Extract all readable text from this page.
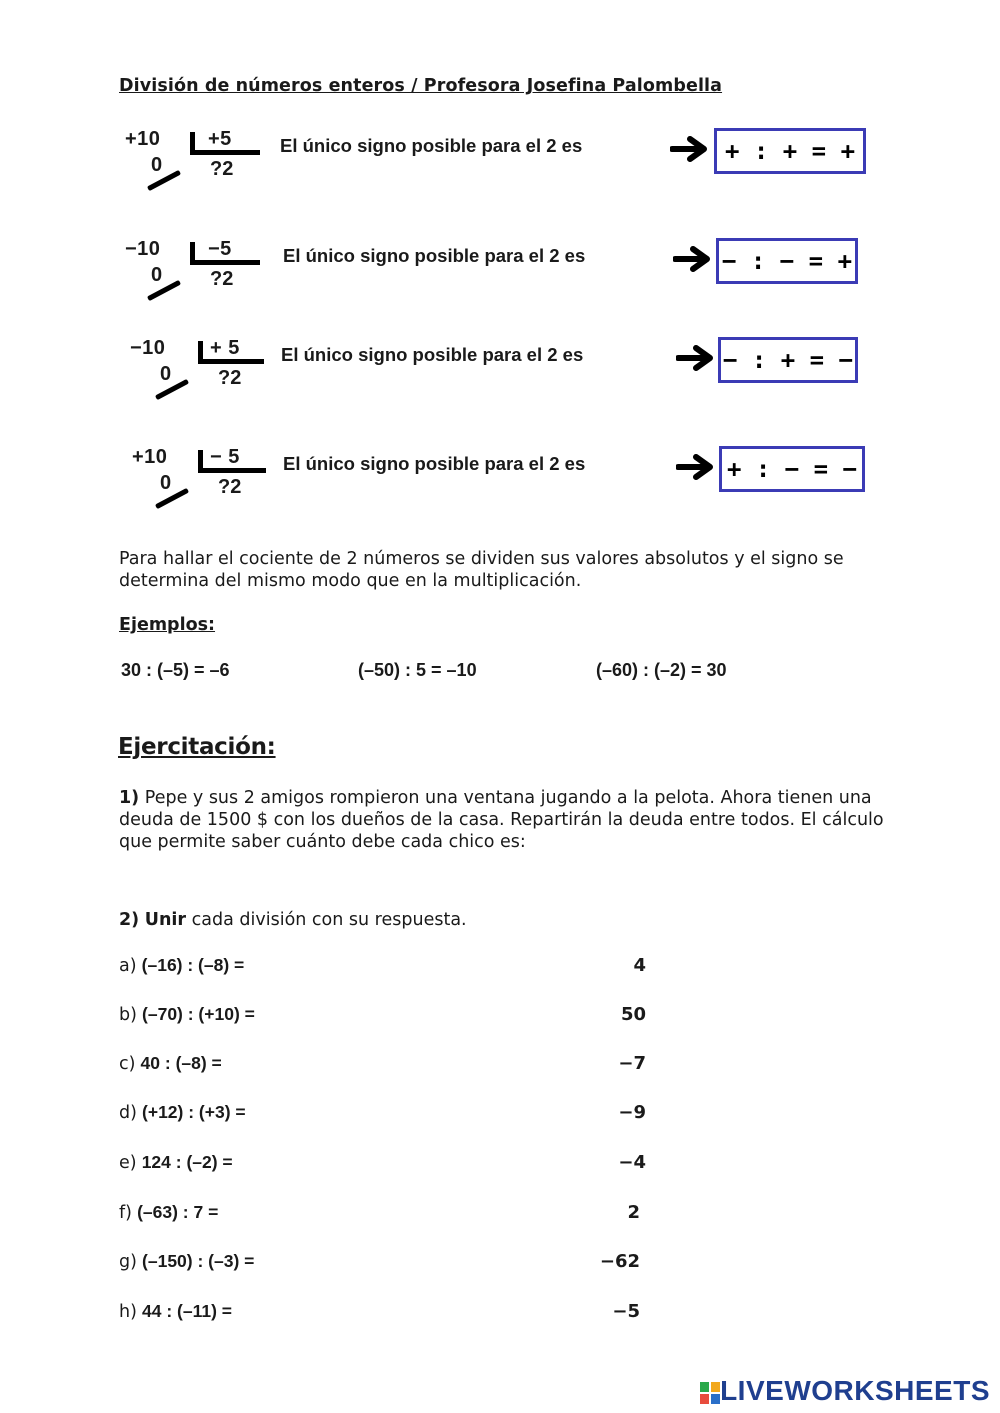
División de números enteros / Profesora Josefina Palombella
+10 +5
0 ?2
El único signo posible para el 2 es	+ : + = +
−10 −5
0 ?2
El único signo posible para el 2 es	− : − = +
−10 + 5
0 ?2
El único signo posible para el 2 es	− : + = −
+10 − 5
0 ?2
El único signo posible para el 2 es	+ : − = −
Para hallar el cociente de 2 números se dividen sus valores absolutos y el signo se determina del mismo modo que en la multiplicación.
Ejemplos:
30 : (–5) = –6	(–50) : 5 = –10	(–60) : (–2) = 30
Ejercitación:
1) Pepe y sus 2 amigos rompieron una ventana jugando a la pelota. Ahora tienen una deuda de 1500 $ con los dueños de la casa. Repartirán la deuda entre todos. El cálculo que permite saber cuánto debe cada chico es:
2) Unir cada división con su respuesta.
a) (–16) : (–8) =	4
b) (–70) : (+10) =	50
c) 40 : (–8) =	−7
d) (+12) : (+3) =	−9
e) 124 : (–2) =	−4
f) (–63) : 7 =	2
g) (–150) : (–3) =	−62
h) 44 : (–11) =	−5
LIVEWORKSHEETS
